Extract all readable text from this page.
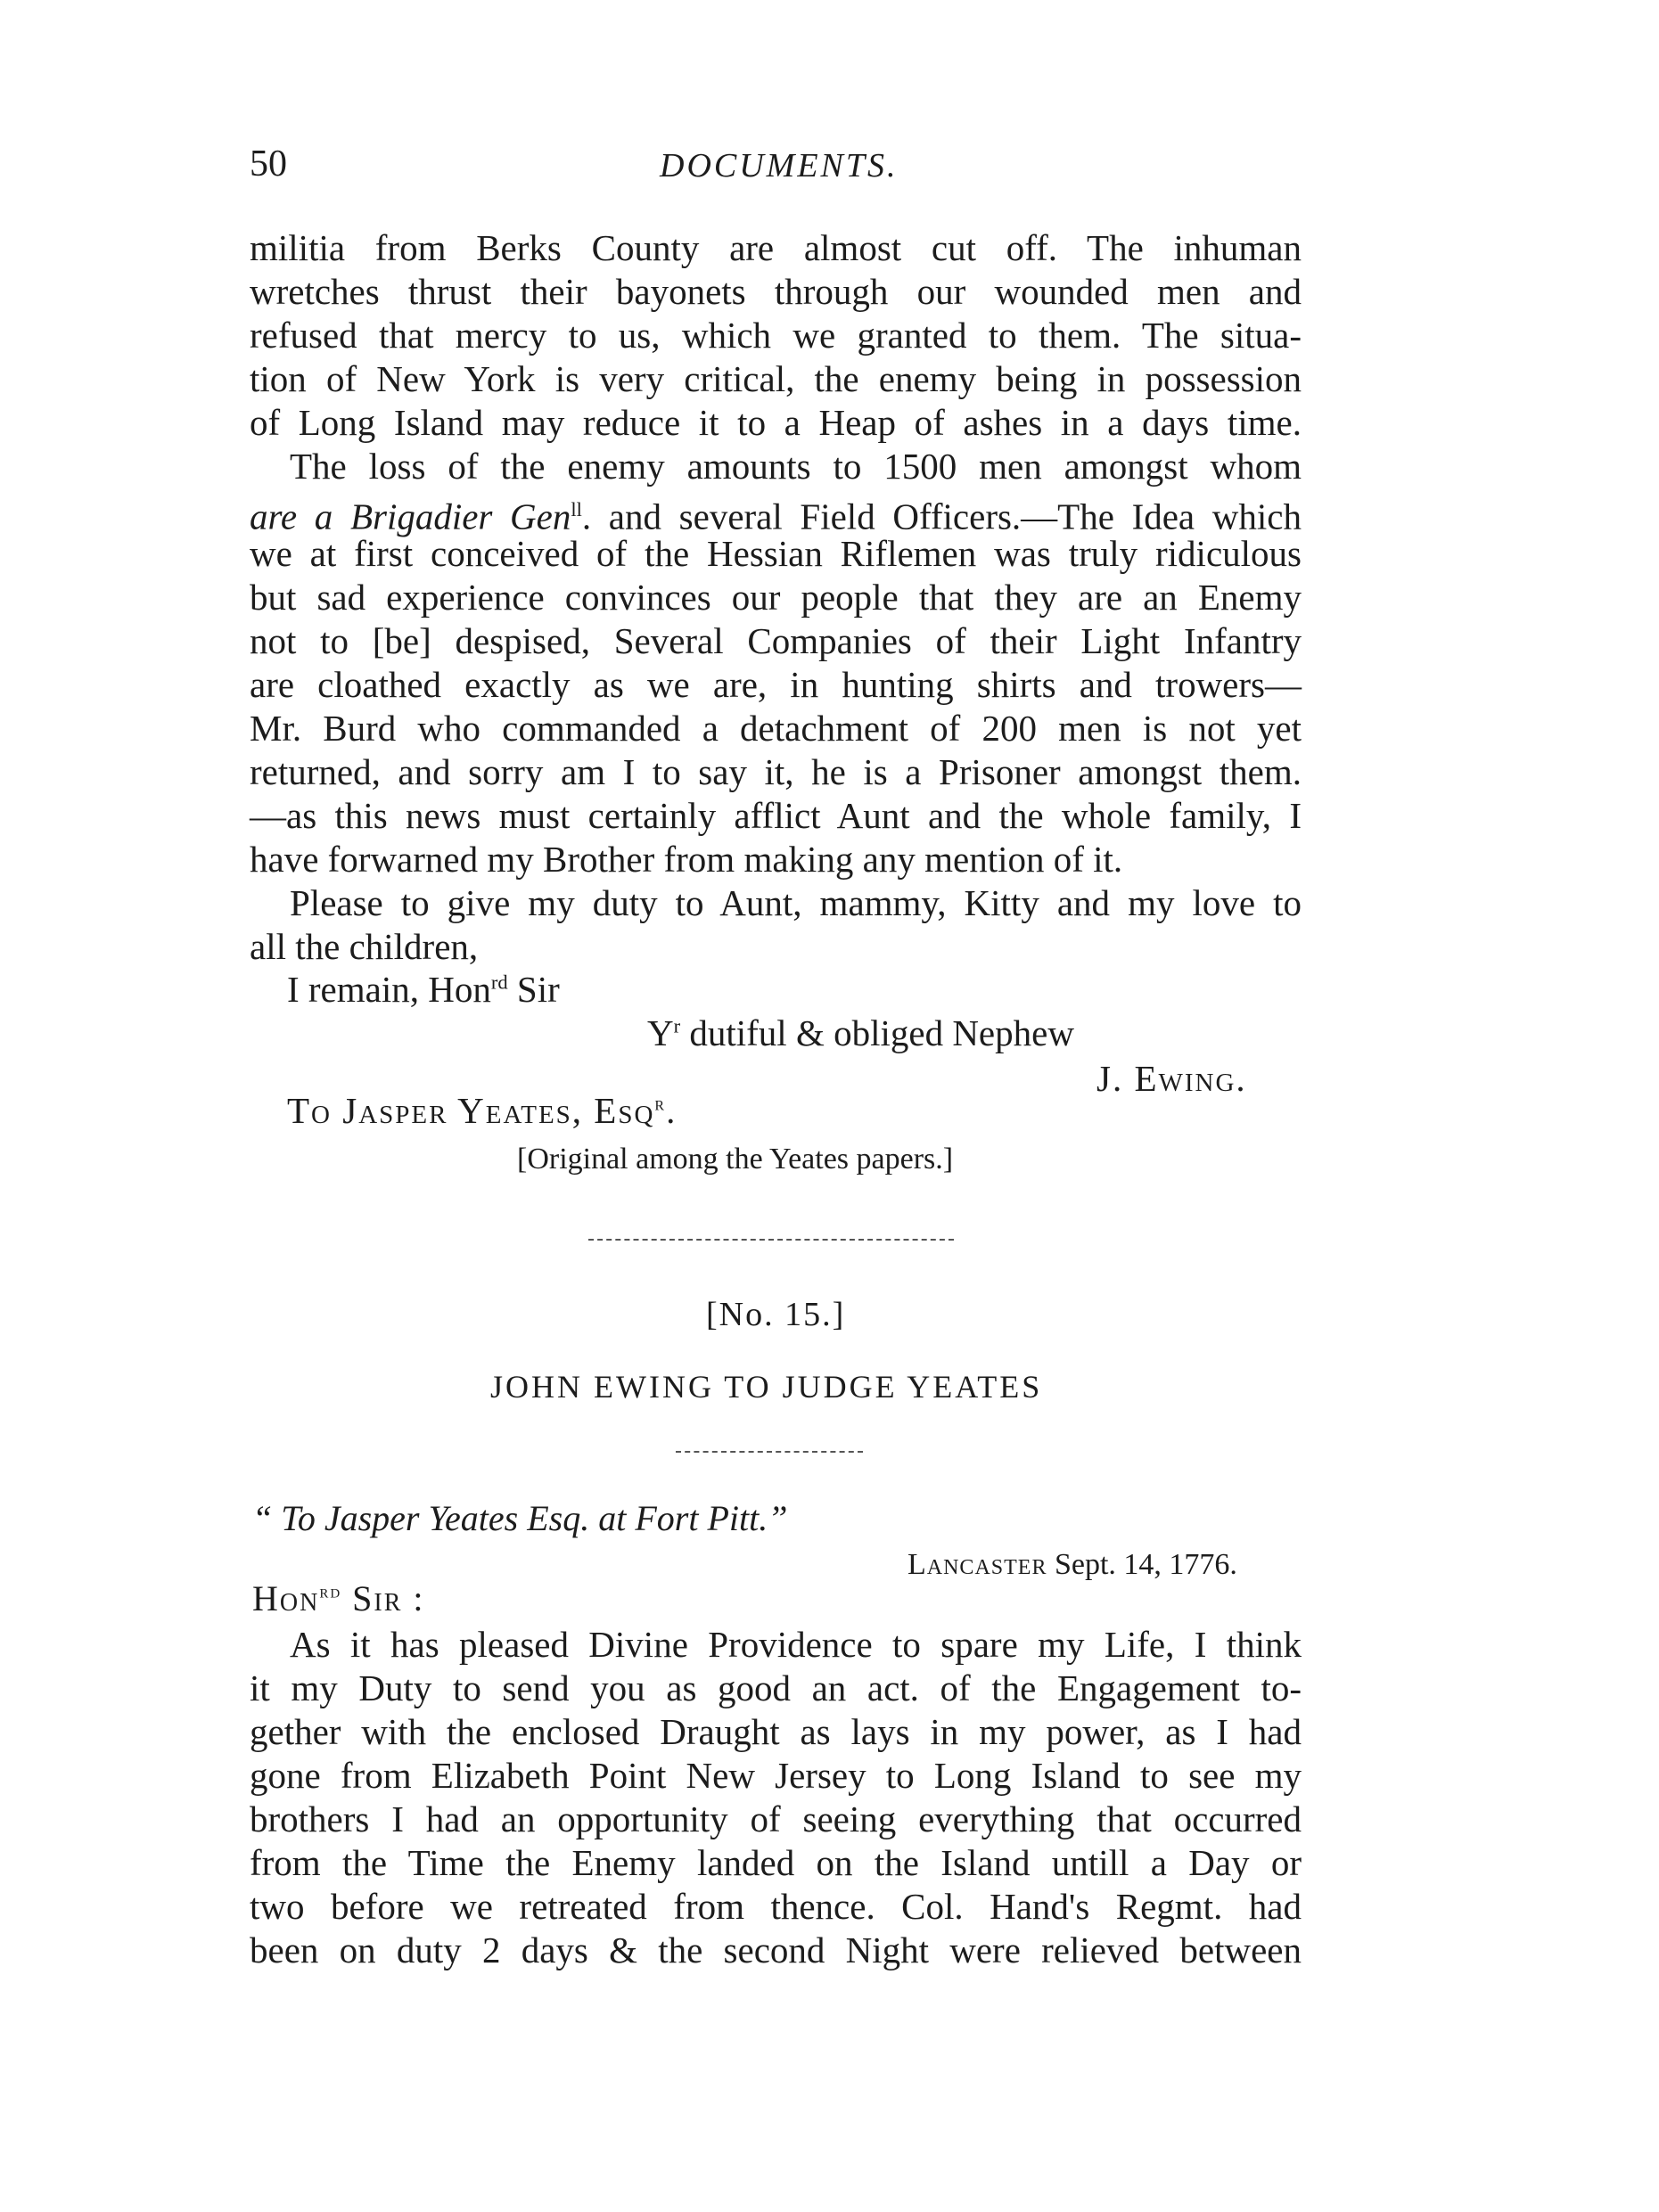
50	DOCUMENTS.
militia from Berks County are almost cut off. The inhuman
wretches thrust their bayonets through our wounded men and
refused that mercy to us, which we granted to them. The situa-
tion of New York is very critical, the enemy being in possession
of Long Island may reduce it to a Heap of ashes in a days time.
The loss of the enemy amounts to 1500 men amongst whom
are a Brigadier Gen$^{ll}$. and several Field Officers.—The Idea which
we at first conceived of the Hessian Riflemen was truly ridiculous
but sad experience convinces our people that they are an Enemy
not to [be] despised, Several Companies of their Light Infantry
are cloathed exactly as we are, in hunting shirts and trowers—
Mr. Burd who commanded a detachment of 200 men is not yet
returned, and sorry am I to say it, he is a Prisoner amongst them.
—as this news must certainly afflict Aunt and the whole family, I
have forwarned my Brother from making any mention of it.
Please to give my duty to Aunt, mammy, Kitty and my love to
all the children,
I remain, Hon$^{rd}$ Sir
$Y^r$ dutiful & obliged Nephew
J. Ewing.
To Jasper Yeates, Esq$^r$.
[Original among the Yeates papers.]
[No. 15.]
JOHN EWING TO JUDGE YEATES
“ To Jasper Yeates Esq. at Fort Pitt.”
Lancaster Sept. 14, 1776.
Hon$^{rd}$ Sir :
As it has pleased Divine Providence to spare my Life, I think
it my Duty to send you as good an act. of the Engagement to-
gether with the enclosed Draught as lays in my power, as I had
gone from Elizabeth Point New Jersey to Long Island to see my
brothers I had an opportunity of seeing everything that occurred
from the Time the Enemy landed on the Island untill a Day or
two before we retreated from thence. Col. Hand's Regmt. had
been on duty 2 days & the second Night were relieved between
